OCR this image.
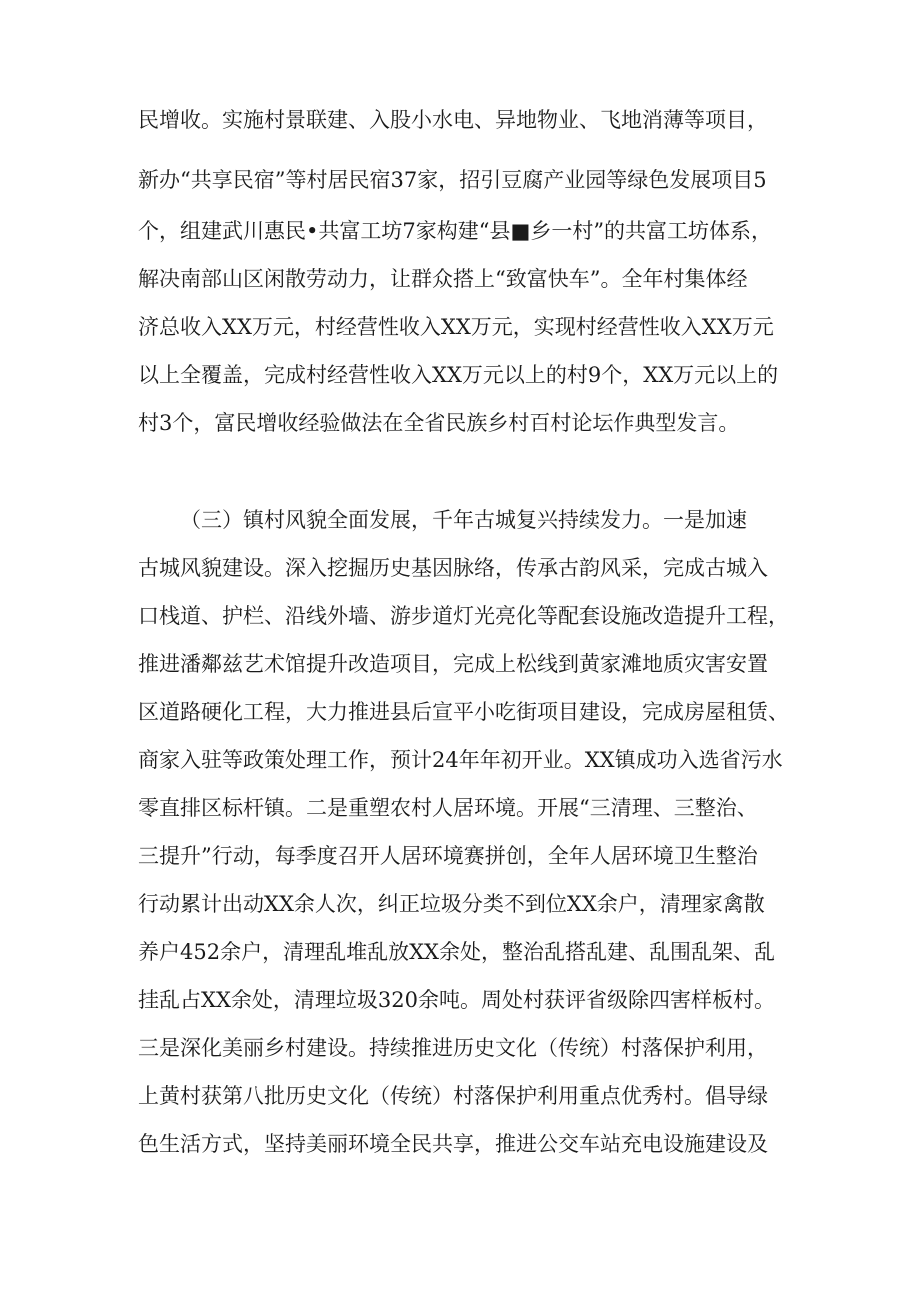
民增收。实施村景联建、入股小水电、异地物业、飞地消薄等项目，
新办“共享民宿”等村居民宿37家，招引豆腐产业园等绿色发展项目5
个，组建武川惠民•共富工坊7家构建“县■乡一村”的共富工坊体系，
解决南部山区闲散劳动力，让群众搭上“致富快车”。全年村集体经
济总收入XX万元，村经营性收入XX万元，实现村经营性收入XX万元
以上全覆盖，完成村经营性收入XX万元以上的村9个，XX万元以上的
村3个，富民增收经验做法在全省民族乡村百村论坛作典型发言。
（三）镇村风貌全面发展，千年古城复兴持续发力。一是加速
古城风貌建设。深入挖掘历史基因脉络，传承古韵风采，完成古城入
口栈道、护栏、沿线外墙、游步道灯光亮化等配套设施改造提升工程，
推进潘鄰兹艺术馆提升改造项目，完成上松线到黄家滩地质灾害安置
区道路硬化工程，大力推进县后宣平小吃街项目建设，完成房屋租赁、
商家入驻等政策处理工作，预计24年年初开业。XX镇成功入选省污水
零直排区标杆镇。二是重塑农村人居环境。开展“三清理、三整治、
三提升”行动，每季度召开人居环境赛拼创，全年人居环境卫生整治
行动累计出动XX余人次，纠正垃圾分类不到位XX余户，清理家禽散
养户452余户，清理乱堆乱放XX余处，整治乱搭乱建、乱围乱架、乱
挂乱占XX余处，清理垃圾320余吨。周处村获评省级除四害样板村。
三是深化美丽乡村建设。持续推进历史文化（传统）村落保护利用，
上黄村获第八批历史文化（传统）村落保护利用重点优秀村。倡导绿
色生活方式，坚持美丽环境全民共享，推进公交车站充电设施建设及
